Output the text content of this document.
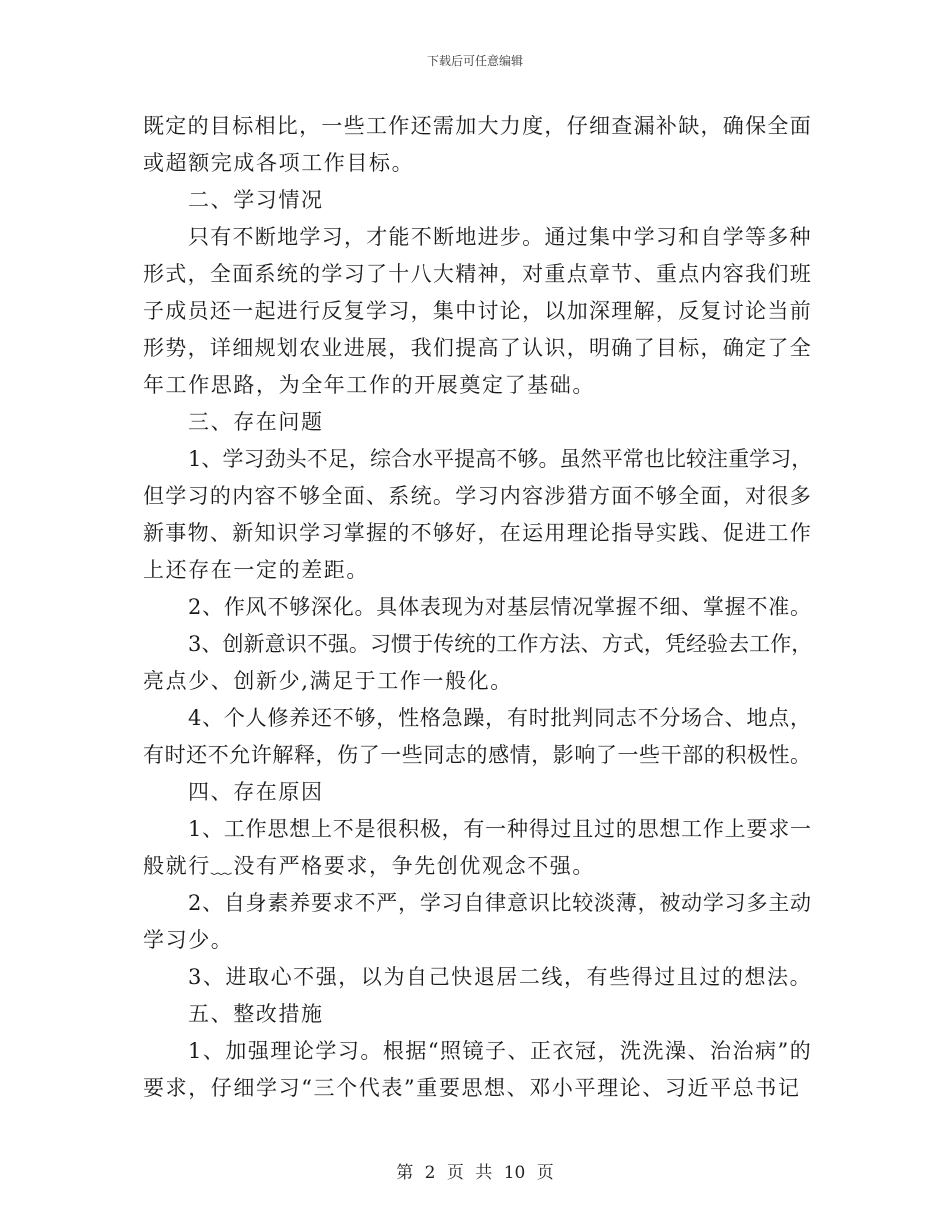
下载后可任意编辑
既定的目标相比，一些工作还需加大力度，仔细查漏补缺，确保全面
或超额完成各项工作目标。
二、学习情况
只有不断地学习，才能不断地进步。通过集中学习和自学等多种
形式，全面系统的学习了十八大精神，对重点章节、重点内容我们班
子成员还一起进行反复学习，集中讨论，以加深理解，反复讨论当前
形势，详细规划农业进展，我们提高了认识，明确了目标，确定了全
年工作思路，为全年工作的开展奠定了基础。
三、存在问题
1、学习劲头不足，综合水平提高不够。虽然平常也比较注重学习，
但学习的内容不够全面、系统。学习内容涉猎方面不够全面，对很多
新事物、新知识学习掌握的不够好，在运用理论指导实践、促进工作
上还存在一定的差距。
2、作风不够深化。具体表现为对基层情况掌握不细、掌握不准。
3、创新意识不强。习惯于传统的工作方法、方式，凭经验去工作，
亮点少、创新少,满足于工作一般化。
4、个人修养还不够，性格急躁，有时批判同志不分场合、地点，
有时还不允许解释，伤了一些同志的感情，影响了一些干部的积极性。
四、存在原因
1、工作思想上不是很积极，有一种得过且过的思想工作上要求一
般就行﹏没有严格要求，争先创优观念不强。
2、自身素养要求不严，学习自律意识比较淡薄，被动学习多主动
学习少。
3、进取心不强，以为自己快退居二线，有些得过且过的想法。
五、整改措施
1、加强理论学习。根据“照镜子、正衣冠，洗洗澡、治治病”的
要求，仔细学习“三个代表”重要思想、邓小平理论、习近平总书记
第 2 页 共 10 页
